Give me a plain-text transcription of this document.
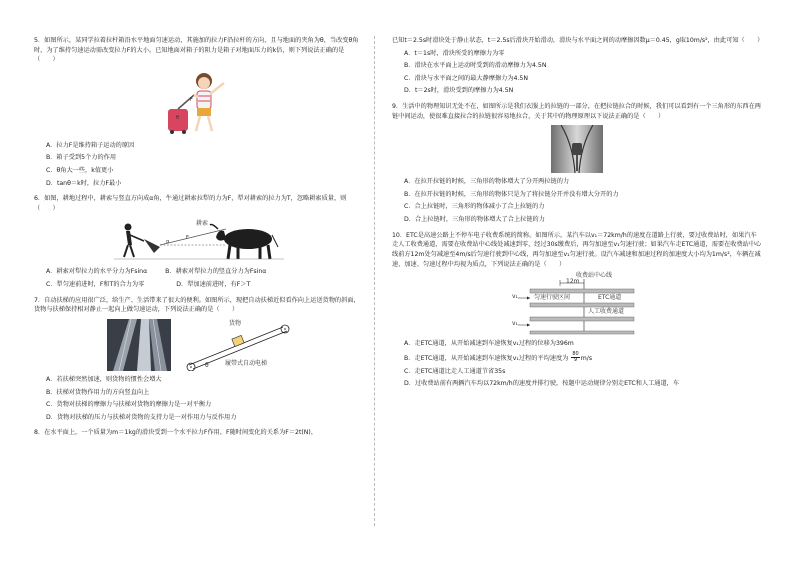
5．如图所示，某同学拉着拉杆箱沿水平地面匀速运动，其施加的拉力F沿拉杆的方向，且与地面的夹角为θ，当改变θ角时，为了维持匀速运动需改变拉力F的大小。已知地面对箱子的阻力是箱子对地面压力的k倍，则下列说法正确的是（　　）

F
θ
A．拉力F是维持箱子运动的原因
B．箱子受到5个力的作用
C．θ角大一些，k值更小
D．tanθ＝k时，拉力F最小

6．如图，耕地过程中，耕索与竖直方向成α角，牛通过耕索拉犁的力为F，犁对耕索的拉力为T，忽略耕索质量，则（　　）

α
F
耕索
A．耕索对犁拉力的水平分力为Fsinα	B．耕索对犁拉力的竖直分力为Fsinα
C．犁匀速前进时，F和T的合力为零	D．犁加速前进时，有F＞T

7．自动扶梯的应用很广泛，给生产、生活带来了很大的便利。如图所示，现把自动扶梯近似看作向上运送货物的斜面，货物与扶梯保持相对静止一起向上做匀速运动，下列说法正确的是（　　）

货物
θ	履带式自动电梯
A．若扶梯突然加速，则货物的惯性会增大
B．扶梯对货物作用力的方向竖直向上
C．货物对扶梯的摩擦力与扶梯对货物的摩擦力是一对平衡力
D．货物对扶梯的压力与扶梯对货物的支持力是一对作用力与反作用力

8．在水平面上，一个质量为m＝1kg的滑块受到一个水平拉力F作用，F随时间变化的关系为F＝2t(N)，

已知t＝2.5s时滑块处于静止状态，t＝2.5s后滑块开始滑动，滑块与水平面之间的动摩擦因数μ＝0.45，g取10m/s²，由此可知（　　）

A．t＝1s时，滑块所受的摩擦力为零
B．滑块在水平面上运动时受到的滑动摩擦力为4.5N
C．滑块与水平面之间的最大静摩擦力为4.5N
D．t＝2s时，滑块受到的摩擦力为4.5N

9．生活中的物理知识无处不在，如图所示是我们衣服上的拉链的一部分，在把拉链拉合的时候，我们可以看到有一个三角形的东西在两链中间运动，使很难直接拉合的拉链很容易地拉合，关于其中的物理原理以下说法正确的是（　　）

A．在拉开拉链的时候，三角形的物体增大了分开两拉链的力
B．在拉开拉链的时候，三角形的物体只是为了将拉链分开并没有增大分开的力
C．合上拉链时，三角形的物体减小了合上拉链的力
D．合上拉链时，三角形的物体增大了合上拉链的力

10．ETC是高速公路上不停车电子收费系统的简称。如图所示，某汽车以v₁＝72km/h的速度在道路上行驶，要过收费站时，如果汽车走人工收费通道，需要在收费站中心线处减速到零，经过30s缴费后，再匀加速至v₁匀速行驶；如果汽车走ETC通道，需要在收费站中心线前方12m处匀减速至4m/s后匀速行驶到中心线，再匀加速至v₁匀速行驶。设汽车减速和加速过程的加速度大小均为1m/s²，车辆在减速、加速、匀速过程中均视为质点，下列说法正确的是（　　）

收费站中心线
12m
匀速行驶区间	ETC通道
人工收费通道
v₁
v₁
A．走ETC通道，从开始减速到车速恢复v₁过程的位移为396m
B．走ETC通道，从开始减速到车速恢复v₁过程的平均速度为 $\frac{80}{9} m/s$
C．走ETC通道比走人工通道节省35s
D．过收费站前有两辆汽车均以72km/h的速度并排行驶，按题中运动规律分别走ETC和人工通道，车
